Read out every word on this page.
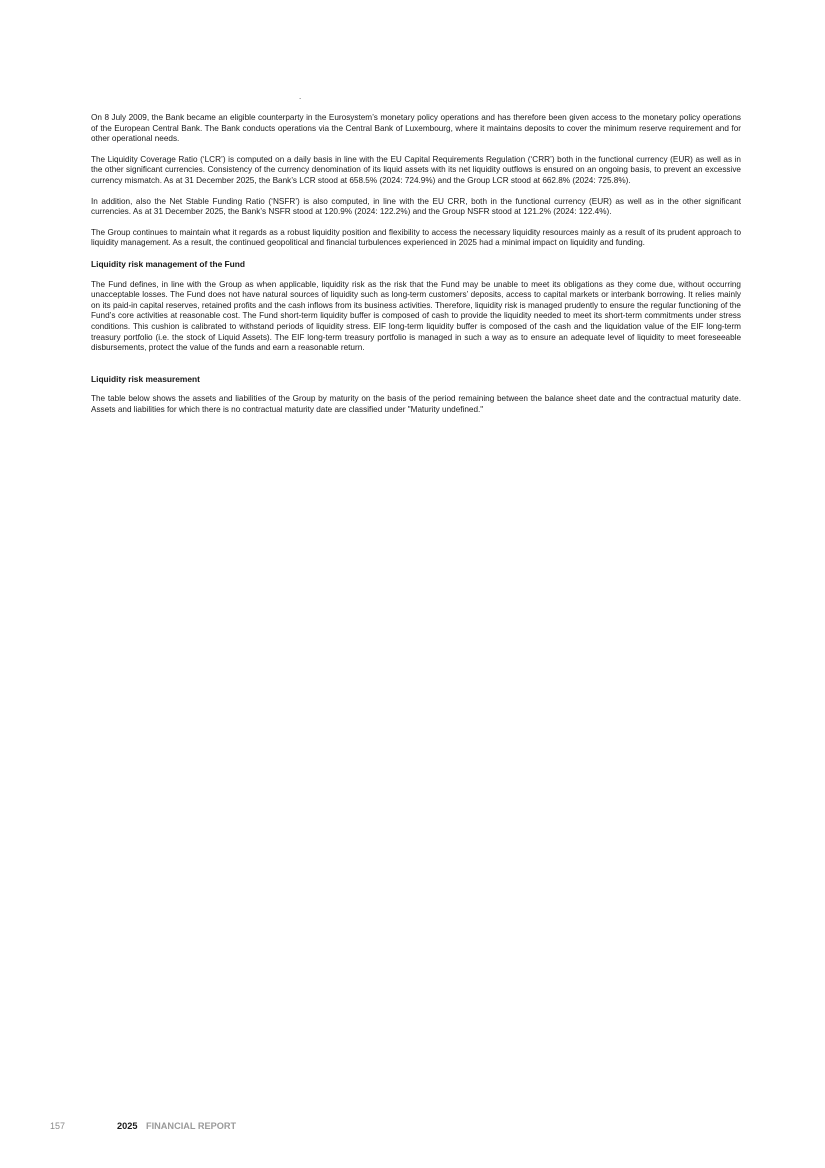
.

On 8 July 2009, the Bank became an eligible counterparty in the Eurosystem’s monetary policy operations and has therefore been given access to the monetary policy operations of the European Central Bank. The Bank conducts operations via the Central Bank of Luxembourg, where it maintains deposits to cover the minimum reserve requirement and for other operational needs.

The Liquidity Coverage Ratio (‘LCR’) is computed on a daily basis in line with the EU Capital Requirements Regulation (‘CRR’) both in the functional currency (EUR) as well as in the other significant currencies. Consistency of the currency denomination of its liquid assets with its net liquidity outflows is ensured on an ongoing basis, to prevent an excessive currency mismatch. As at 31 December 2025, the Bank’s LCR stood at 658.5% (2024: 724.9%) and the Group LCR stood at 662.8% (2024: 725.8%).

In addition, also the Net Stable Funding Ratio (‘NSFR’) is also computed, in line with the EU CRR, both in the functional currency (EUR) as well as in the other significant currencies. As at 31 December 2025, the Bank’s NSFR stood at 120.9% (2024: 122.2%) and the Group NSFR stood at 121.2% (2024: 122.4%).

The Group continues to maintain what it regards as a robust liquidity position and flexibility to access the necessary liquidity resources mainly as a result of its prudent approach to liquidity management. As a result, the continued geopolitical and financial turbulences experienced in 2025 had a minimal impact on liquidity and funding.

Liquidity risk management of the Fund

The Fund defines, in line with the Group as when applicable, liquidity risk as the risk that the Fund may be unable to meet its obligations as they come due, without occurring unacceptable losses. The Fund does not have natural sources of liquidity such as long-term customers’ deposits, access to capital markets or interbank borrowing. It relies mainly on its paid-in capital reserves, retained profits and the cash inflows from its business activities. Therefore, liquidity risk is managed prudently to ensure the regular functioning of the Fund’s core activities at reasonable cost. The Fund short-term liquidity buffer is composed of cash to provide the liquidity needed to meet its short-term commitments under stress conditions. This cushion is calibrated to withstand periods of liquidity stress. EIF long-term liquidity buffer is composed of the cash and the liquidation value of the EIF long-term treasury portfolio (i.e. the stock of Liquid Assets). The EIF long-term treasury portfolio is managed in such a way as to ensure an adequate level of liquidity to meet foreseeable disbursements, protect the value of the funds and earn a reasonable return.

Liquidity risk measurement

The table below shows the assets and liabilities of the Group by maturity on the basis of the period remaining between the balance sheet date and the contractual maturity date. Assets and liabilities for which there is no contractual maturity date are classified under "Maturity undefined."

157	2025 FINANCIAL REPORT
